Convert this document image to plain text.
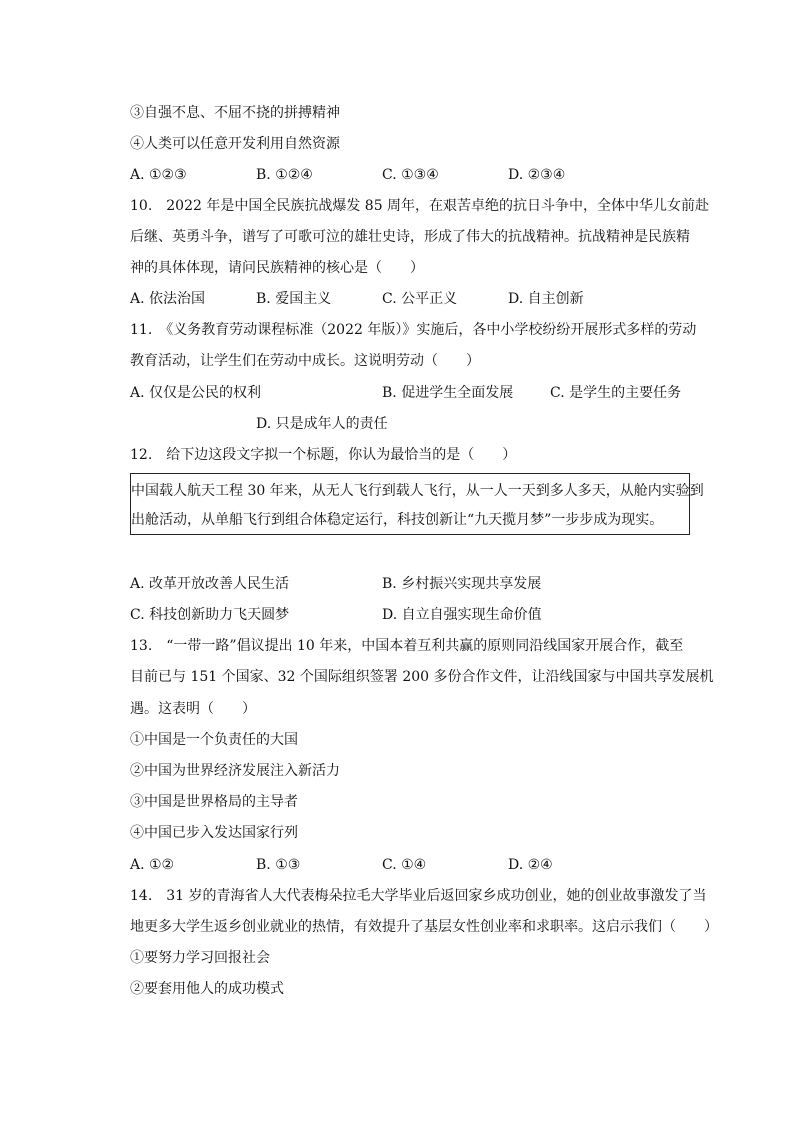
③自强不息、不屈不挠的拼搏精神
④人类可以任意开发利用自然资源
A. ①②③	B. ①②④	C. ①③④	D. ②③④
10.　2022 年是中国全民族抗战爆发 85 周年，在艰苦卓绝的抗日斗争中，全体中华儿女前赴
后继、英勇斗争，谱写了可歌可泣的雄壮史诗，形成了伟大的抗战精神。抗战精神是民族精
神的具体体现，请问民族精神的核心是（　　）
A. 依法治国	B. 爱国主义	C. 公平正义	D. 自主创新
11.　《义务教育劳动课程标准（2022 年版）》实施后，各中小学校纷纷开展形式多样的劳动
教育活动，让学生们在劳动中成长。这说明劳动（　　）
A. 仅仅是公民的权利	B. 促进学生全面发展	C. 是学生的主要任务
D. 只是成年人的责任
12.　给下边这段文字拟一个标题，你认为最恰当的是（　　）
中国载人航天工程 30 年来，从无人飞行到载人飞行，从一人一天到多人多天，从舱内实验到
出舱活动，从单船飞行到组合体稳定运行，科技创新让“九天揽月梦”一步步成为现实。
A. 改革开放改善人民生活	B. 乡村振兴实现共享发展
C. 科技创新助力飞天圆梦	D. 自立自强实现生命价值
13.　“一带一路”倡议提出 10 年来，中国本着互利共赢的原则同沿线国家开展合作，截至
目前已与 151 个国家、32 个国际组织签署 200 多份合作文件，让沿线国家与中国共享发展机
遇。这表明（　　）
①中国是一个负责任的大国
②中国为世界经济发展注入新活力
③中国是世界格局的主导者
④中国已步入发达国家行列
A. ①②	B. ①③	C. ①④	D. ②④
14.　31 岁的青海省人大代表梅朵拉毛大学毕业后返回家乡成功创业，她的创业故事激发了当
地更多大学生返乡创业就业的热情，有效提升了基层女性创业率和求职率。这启示我们（　　）
①要努力学习回报社会
②要套用他人的成功模式
